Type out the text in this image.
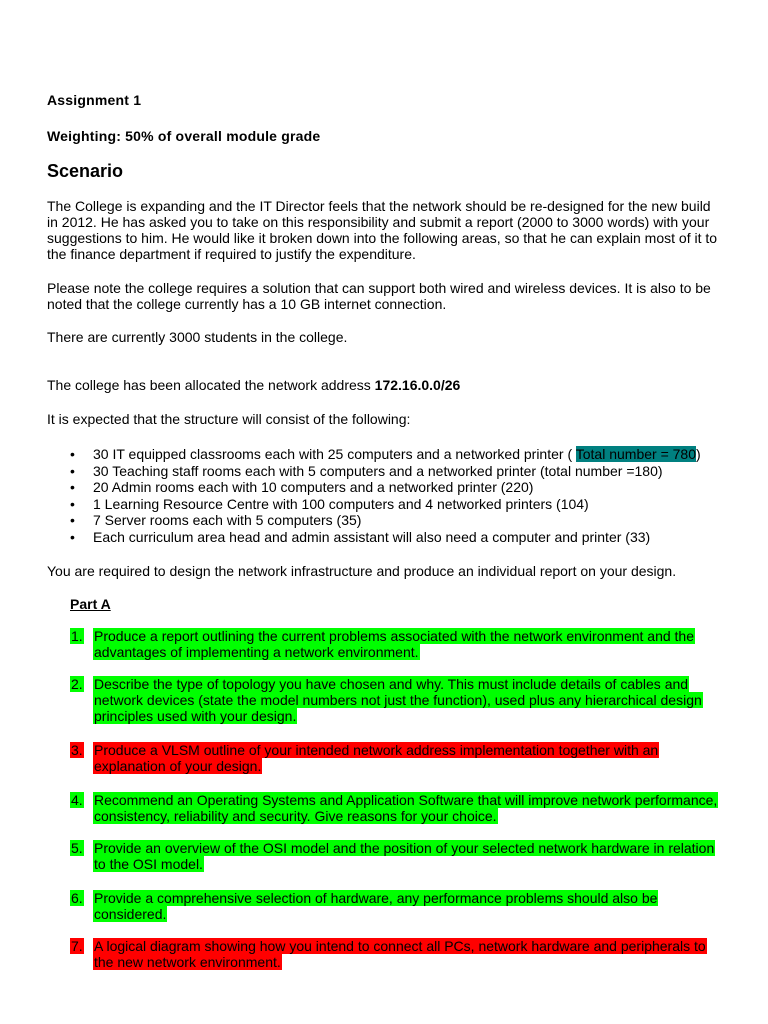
Assignment 1
Weighting: 50% of overall module grade
Scenario
The College is expanding and the IT Director feels that the network should be re-designed for the new build
in 2012. He has asked you to take on this responsibility and submit a report (2000 to 3000 words) with your
suggestions to him. He would like it broken down into the following areas, so that he can explain most of it to
the finance department if required to justify the expenditure.
Please note the college requires a solution that can support both wired and wireless devices. It is also to be
noted that the college currently has a 10 GB internet connection.
There are currently 3000 students in the college.
The college has been allocated the network address 172.16.0.0/26
It is expected that the structure will consist of the following:
• 30 IT equipped classrooms each with 25 computers and a networked printer ( Total number = 780)
• 30 Teaching staff rooms each with 5 computers and a networked printer (total number =180)
• 20 Admin rooms each with 10 computers and a networked printer (220)
• 1 Learning Resource Centre with 100 computers and 4 networked printers (104)
• 7 Server rooms each with 5 computers (35)
• Each curriculum area head and admin assistant will also need a computer and printer (33)
You are required to design the network infrastructure and produce an individual report on your design.
Part A
1. Produce a report outlining the current problems associated with the network environment and the
advantages of implementing a network environment.
2. Describe the type of topology you have chosen and why. This must include details of cables and
network devices (state the model numbers not just the function), used plus any hierarchical design
principles used with your design.
3. Produce a VLSM outline of your intended network address implementation together with an
explanation of your design.
4. Recommend an Operating Systems and Application Software that will improve network performance,
consistency, reliability and security. Give reasons for your choice.
5. Provide an overview of the OSI model and the position of your selected network hardware in relation
to the OSI model.
6. Provide a comprehensive selection of hardware, any performance problems should also be
considered.
7. A logical diagram showing how you intend to connect all PCs, network hardware and peripherals to
the new network environment.
